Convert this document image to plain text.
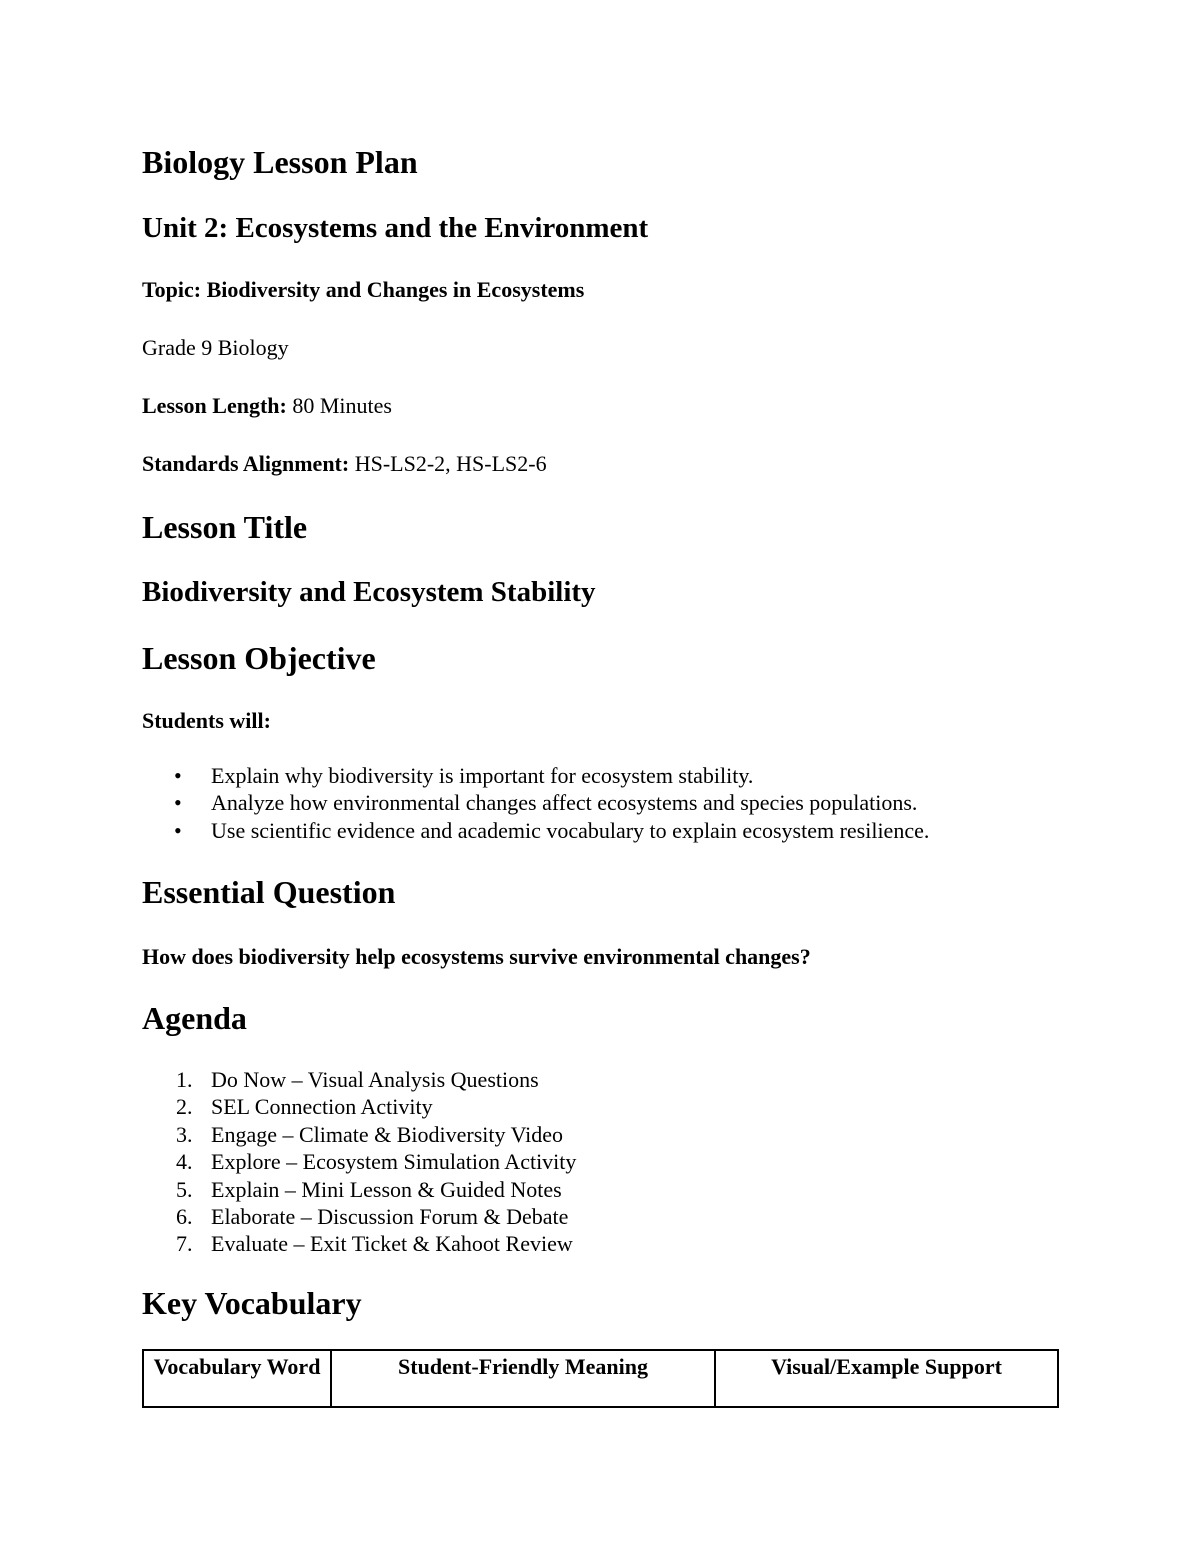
Biology Lesson Plan
Unit 2: Ecosystems and the Environment

Topic: Biodiversity and Changes in Ecosystems

Grade 9 Biology

Lesson Length: 80 Minutes

Standards Alignment: HS-LS2-2, HS-LS2-6

Lesson Title

Biodiversity and Ecosystem Stability

Lesson Objective

Students will:

• Explain why biodiversity is important for ecosystem stability.
• Analyze how environmental changes affect ecosystems and species populations.
• Use scientific evidence and academic vocabulary to explain ecosystem resilience.
Essential Question

How does biodiversity help ecosystems survive environmental changes?

Agenda
1. Do Now – Visual Analysis Questions
2. SEL Connection Activity
3. Engage – Climate & Biodiversity Video
4. Explore – Ecosystem Simulation Activity
5. Explain – Mini Lesson & Guided Notes
6. Elaborate – Discussion Forum & Debate
7. Evaluate – Exit Ticket & Kahoot Review
Key Vocabulary
Vocabulary Word	Student-Friendly Meaning	Visual/Example Support
